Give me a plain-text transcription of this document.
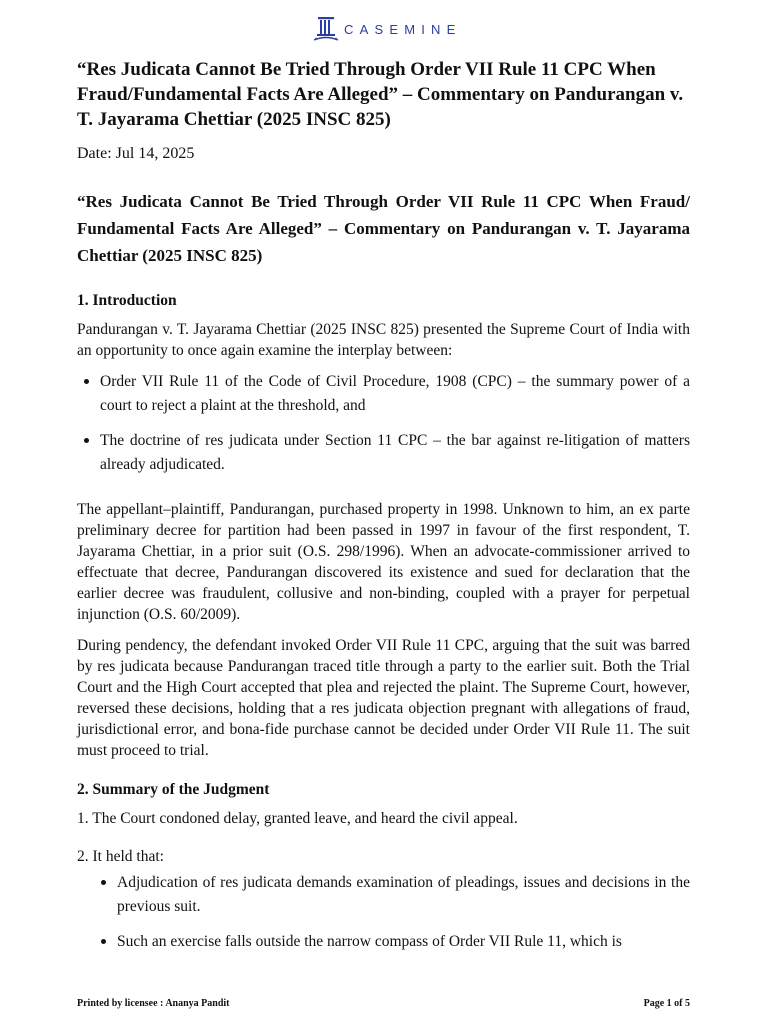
CASEMINE
“Res Judicata Cannot Be Tried Through Order VII Rule 11 CPC When Fraud/Fundamental Facts Are Alleged” – Commentary on Pandurangan v. T. Jayarama Chettiar (2025 INSC 825)

Date: Jul 14, 2025

“Res Judicata Cannot Be Tried Through Order VII Rule 11 CPC When Fraud/ Fundamental Facts Are Alleged” – Commentary on Pandurangan v. T. Jayarama Chettiar (2025 INSC 825)
1. Introduction

Pandurangan v. T. Jayarama Chettiar (2025 INSC 825) presented the Supreme Court of India with an opportunity to once again examine the interplay between:

Order VII Rule 11 of the Code of Civil Procedure, 1908 (CPC) – the summary power of a court to reject a plaint at the threshold, and
The doctrine of res judicata under Section 11 CPC – the bar against re‑litigation of matters already adjudicated.

The appellant–plaintiff, Pandurangan, purchased property in 1998. Unknown to him, an ex parte preliminary decree for partition had been passed in 1997 in favour of the first respondent, T. Jayarama Chettiar, in a prior suit (O.S. 298/1996). When an advocate-commissioner arrived to effectuate that decree, Pandurangan discovered its existence and sued for declaration that the earlier decree was fraudulent, collusive and non‑binding, coupled with a prayer for perpetual injunction (O.S. 60/2009).

During pendency, the defendant invoked Order VII Rule 11 CPC, arguing that the suit was barred by res judicata because Pandurangan traced title through a party to the earlier suit. Both the Trial Court and the High Court accepted that plea and rejected the plaint. The Supreme Court, however, reversed these decisions, holding that a res judicata objection pregnant with allegations of fraud, jurisdictional error, and bona‑fide purchase cannot be decided under Order VII Rule 11. The suit must proceed to trial.

2. Summary of the Judgment

1. The Court condoned delay, granted leave, and heard the civil appeal.

2. It held that:

Adjudication of res judicata demands examination of pleadings, issues and decisions in the previous suit.
Such an exercise falls outside the narrow compass of Order VII Rule 11, which is
Printed by licensee : Ananya Pandit	Page 1 of 5
